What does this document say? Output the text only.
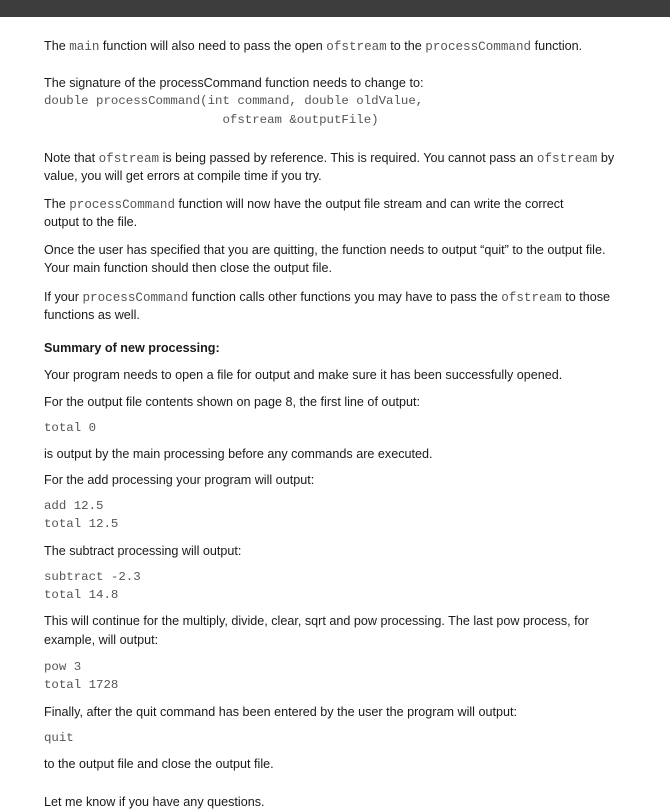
The main function will also need to pass the open ofstream to the processCommand function.
The signature of the processCommand function needs to change to:
double processCommand(int command, double oldValue,
ofstream &outputFile)
Note that ofstream is being passed by reference. This is required. You cannot pass an ofstream by
value, you will get errors at compile time if you try.
The processCommand function will now have the output file stream and can write the correct
output to the file.
Once the user has specified that you are quitting, the function needs to output “quit” to the output file.
Your main function should then close the output file.
If your processCommand function calls other functions you may have to pass the ofstream to those
functions as well.
Summary of new processing:
Your program needs to open a file for output and make sure it has been successfully opened.
For the output file contents shown on page 8, the first line of output:
total 0
is output by the main processing before any commands are executed.
For the add processing your program will output:
add 12.5
total 12.5
The subtract processing will output:
subtract -2.3
total 14.8
This will continue for the multiply, divide, clear, sqrt and pow processing. The last pow process, for
example, will output:
pow 3
total 1728
Finally, after the quit command has been entered by the user the program will output:
quit
to the output file and close the output file.
Let me know if you have any questions.
